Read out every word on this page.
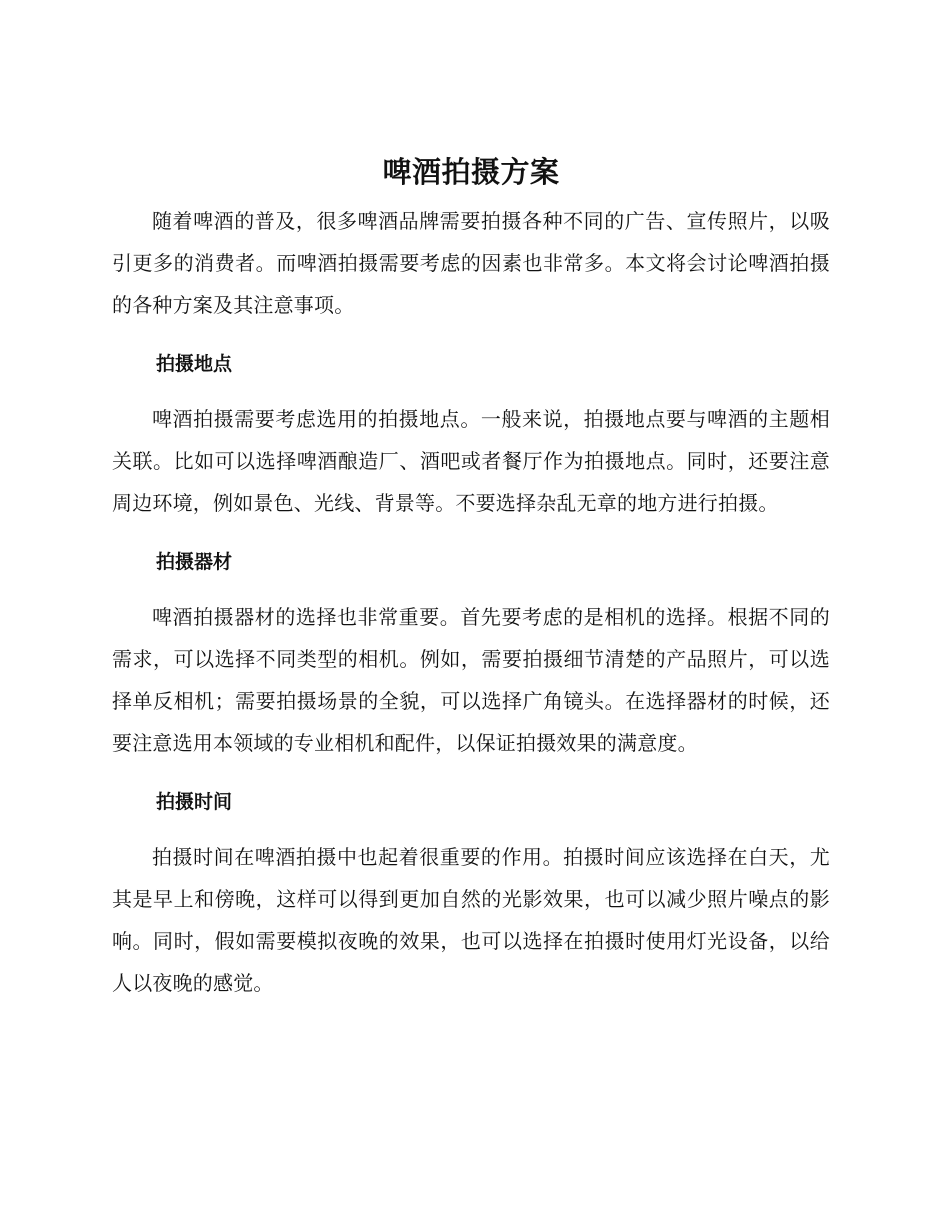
啤酒拍摄方案

随着啤酒的普及，很多啤酒品牌需要拍摄各种不同的广告、宣传照片，以吸引更多的消费者。而啤酒拍摄需要考虑的因素也非常多。本文将会讨论啤酒拍摄的各种方案及其注意事项。

拍摄地点

啤酒拍摄需要考虑选用的拍摄地点。一般来说，拍摄地点要与啤酒的主题相关联。比如可以选择啤酒酿造厂、酒吧或者餐厅作为拍摄地点。同时，还要注意周边环境，例如景色、光线、背景等。不要选择杂乱无章的地方进行拍摄。

拍摄器材

啤酒拍摄器材的选择也非常重要。首先要考虑的是相机的选择。根据不同的需求，可以选择不同类型的相机。例如，需要拍摄细节清楚的产品照片，可以选择单反相机；需要拍摄场景的全貌，可以选择广角镜头。在选择器材的时候，还要注意选用本领域的专业相机和配件，以保证拍摄效果的满意度。

拍摄时间

拍摄时间在啤酒拍摄中也起着很重要的作用。拍摄时间应该选择在白天，尤其是早上和傍晚，这样可以得到更加自然的光影效果，也可以减少照片噪点的影响。同时，假如需要模拟夜晚的效果，也可以选择在拍摄时使用灯光设备，以给人以夜晚的感觉。
